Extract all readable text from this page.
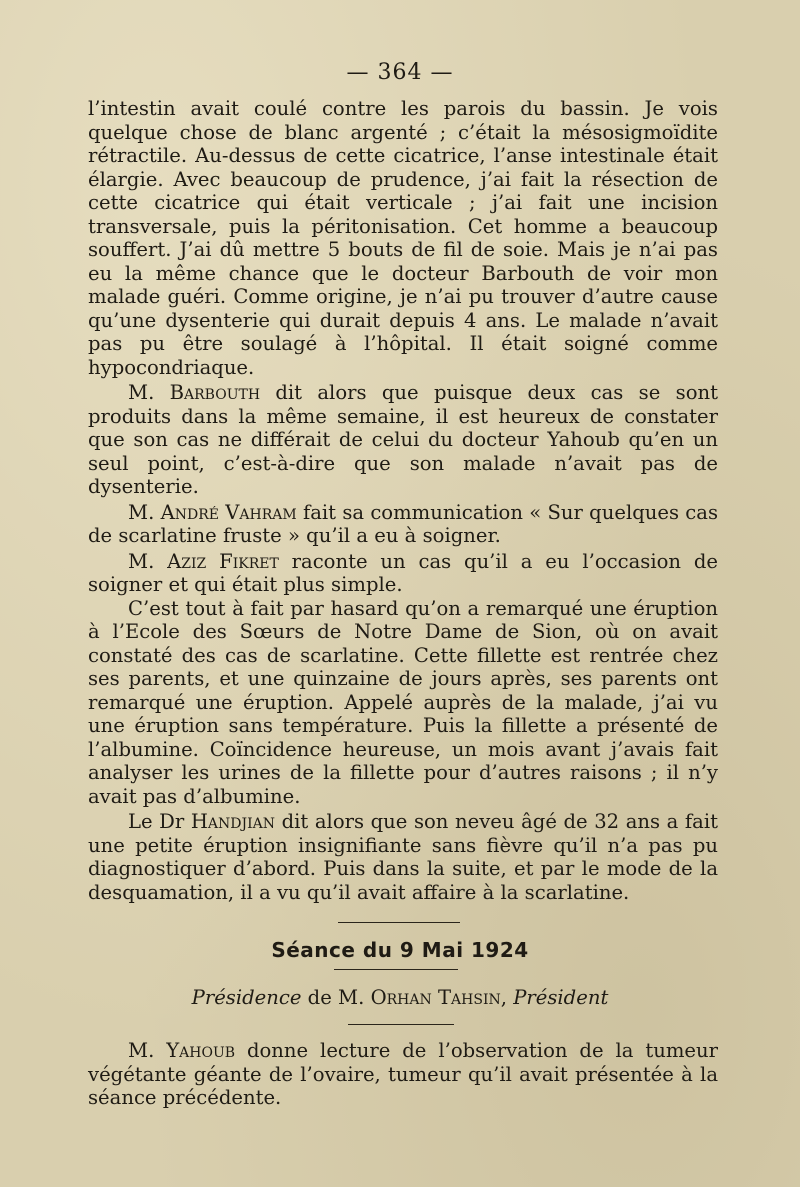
— 364 —

l’intestin avait coulé contre les parois du bassin. Je vois quelque chose de blanc argenté ; c’était la mésosigmoïdite rétractile. Au-dessus de cette cicatrice, l’anse intestinale était élargie. Avec beaucoup de prudence, j’ai fait la résection de cette cicatrice qui était verticale ; j’ai fait une incision transversale, puis la péritonisation. Cet homme a beaucoup souffert. J’ai dû mettre 5 bouts de fil de soie. Mais je n’ai pas eu la même chance que le docteur Barbouth de voir mon malade guéri. Comme origine, je n’ai pu trouver d’autre cause qu’une dysenterie qui durait depuis 4 ans. Le malade n’avait pas pu être soulagé à l’hôpital. Il était soigné comme hypocondriaque.

M. Barbouth dit alors que puisque deux cas se sont produits dans la même semaine, il est heureux de constater que son cas ne différait de celui du docteur Yahoub qu’en un seul point, c’est-à-dire que son malade n’avait pas de dysenterie.

M. André Vahram fait sa communication « Sur quelques cas de scarlatine fruste » qu’il a eu à soigner.

M. Aziz Fikret raconte un cas qu’il a eu l’occasion de soigner et qui était plus simple.

C’est tout à fait par hasard qu’on a remarqué une éruption à l’Ecole des Sœurs de Notre Dame de Sion, où on avait constaté des cas de scarlatine. Cette fillette est rentrée chez ses parents, et une quinzaine de jours après, ses parents ont remarqué une éruption. Appelé auprès de la malade, j’ai vu une éruption sans température. Puis la fillette a présenté de l’albumine. Coïncidence heureuse, un mois avant j’avais fait analyser les urines de la fillette pour d’autres raisons ; il n’y avait pas d’albumine.

Le Dr Handjian dit alors que son neveu âgé de 32 ans a fait une petite éruption insignifiante sans fièvre qu’il n’a pas pu diagnostiquer d’abord. Puis dans la suite, et par le mode de la desquamation, il a vu qu’il avait affaire à la scarlatine.

Séance du 9 Mai 1924
Présidence de M. Orhan Tahsin, Président

M. Yahoub donne lecture de l’observation de la tumeur végétante géante de l’ovaire, tumeur qu’il avait présentée à la séance précédente.
